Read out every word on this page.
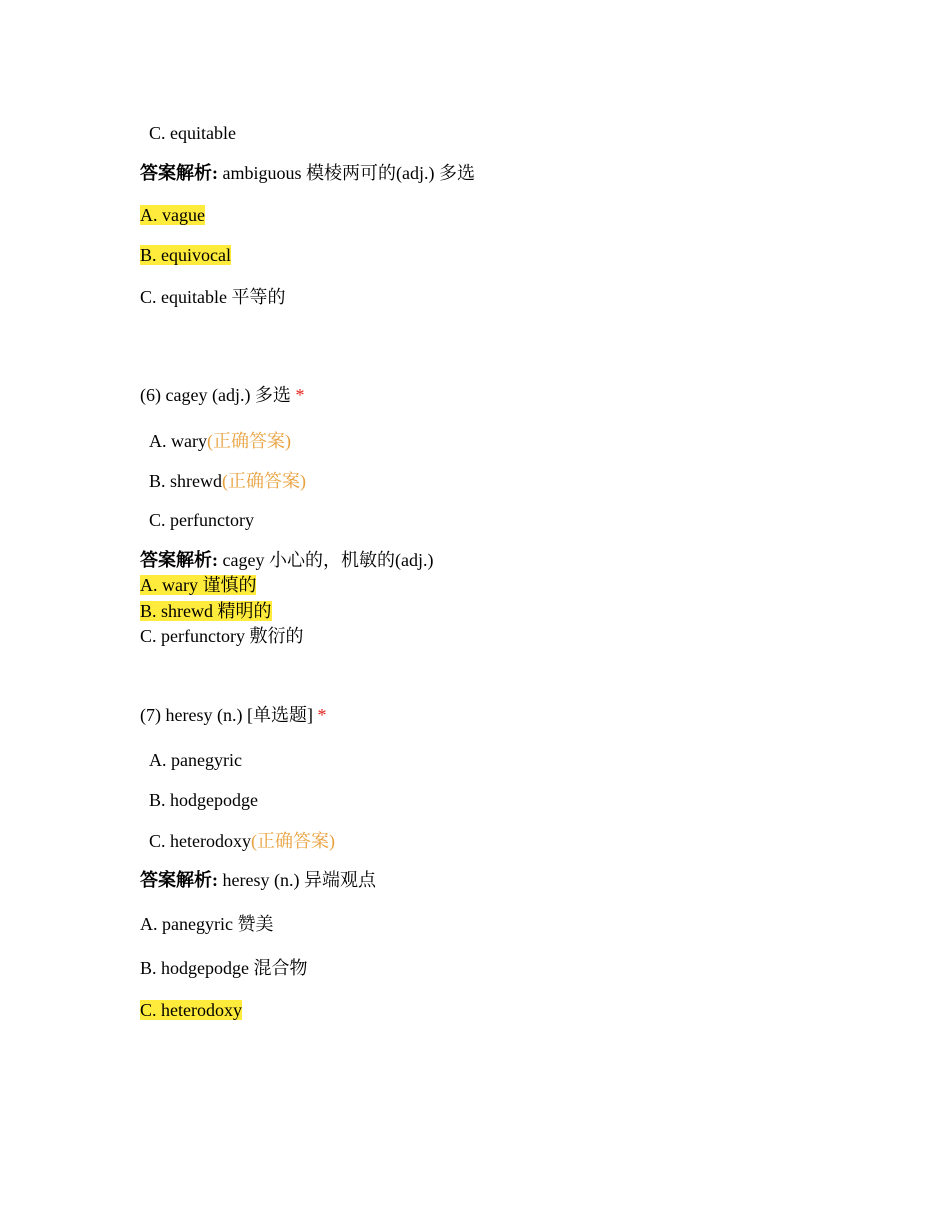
C. equitable
答案解析: ambiguous 模棱两可的(adj.) 多选
A. vague
B. equivocal
C. equitable 平等的
(6) cagey (adj.) 多选 *
A. wary(正确答案)
B. shrewd(正确答案)
C. perfunctory
答案解析: cagey 小心的，机敏的(adj.)
A. wary 谨慎的
B. shrewd 精明的
C. perfunctory 敷衍的
(7) heresy (n.) [单选题] *
A. panegyric
B. hodgepodge
C. heterodoxy(正确答案)
答案解析: heresy (n.) 异端观点
A. panegyric 赞美
B. hodgepodge 混合物
C. heterodoxy
